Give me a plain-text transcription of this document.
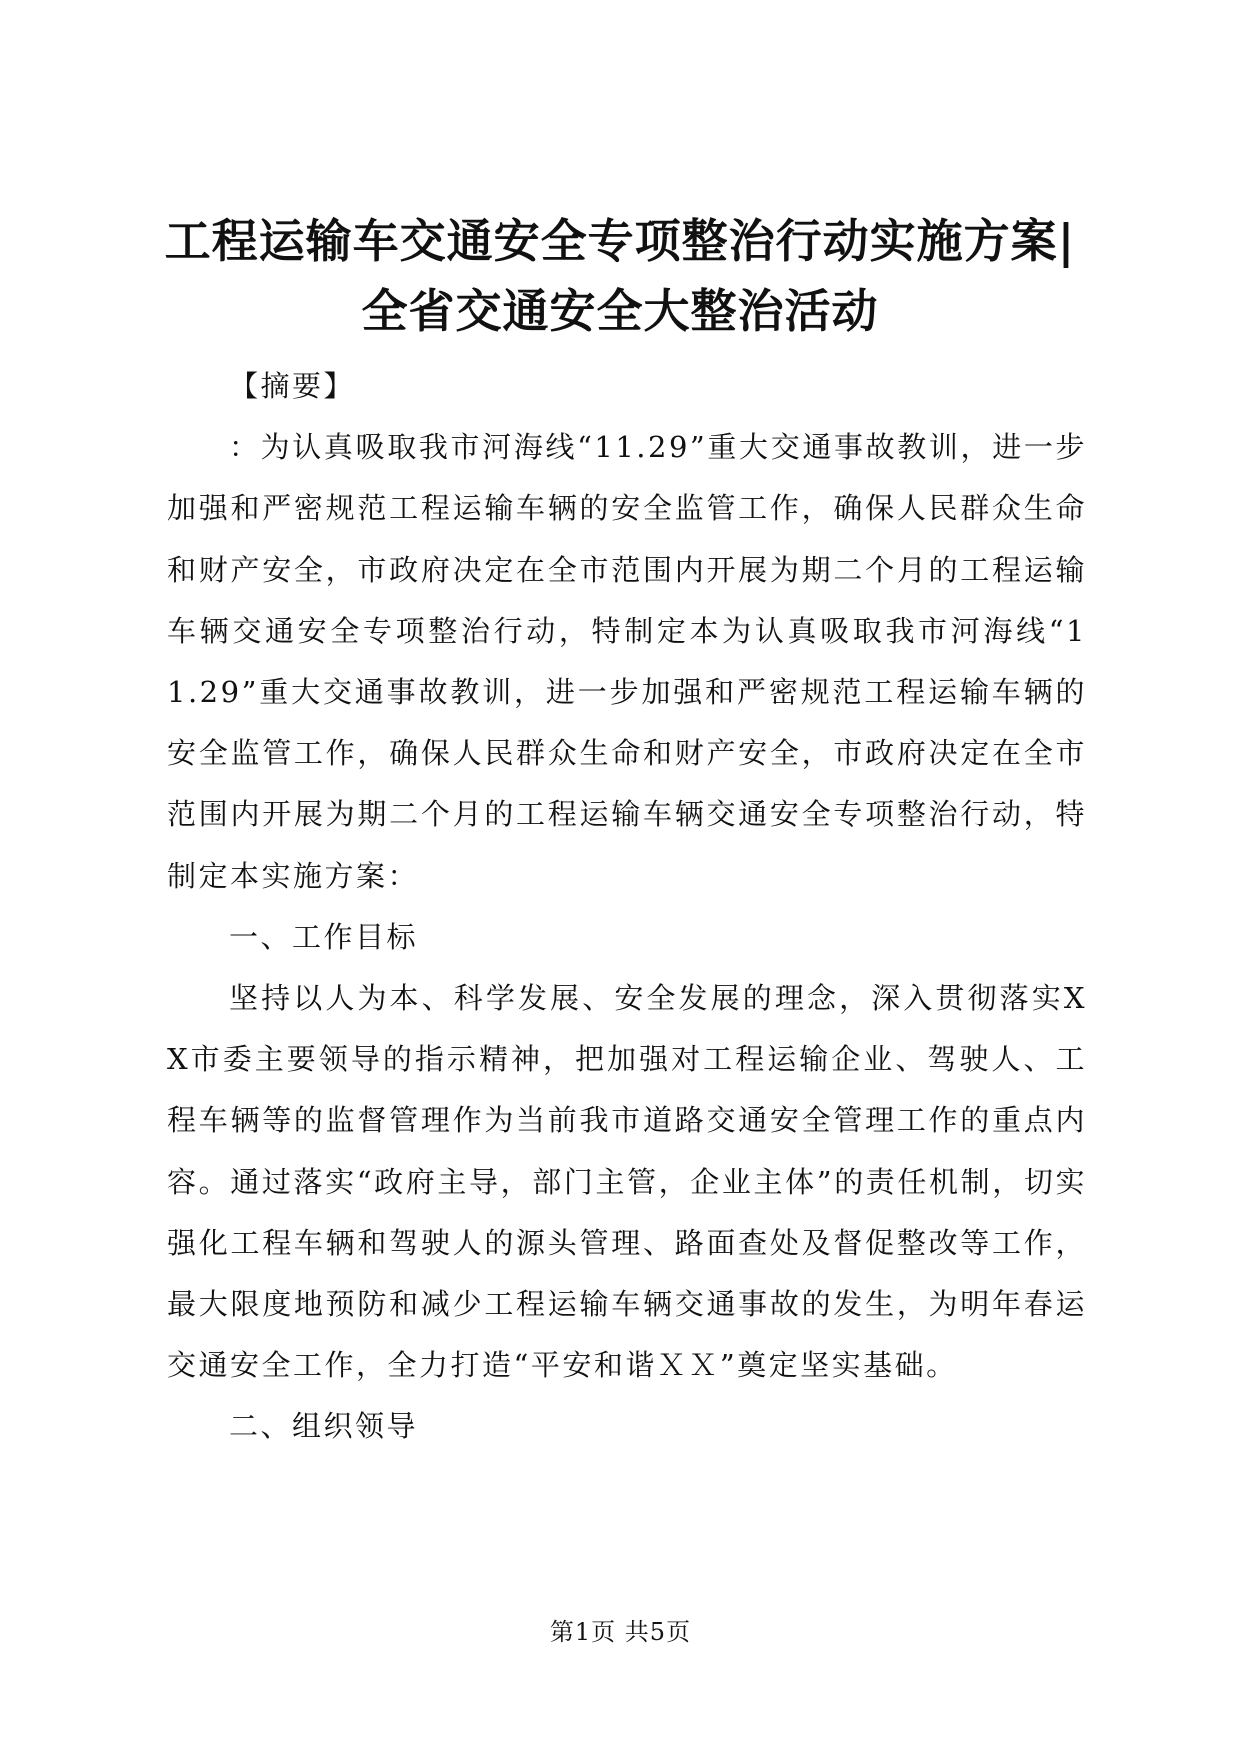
工程运输车交通安全专项整治行动实施方案|
全省交通安全大整治活动

【摘要】

：为认真吸取我市河海线“11.29”重大交通事故教训，进一步加强和严密规范工程运输车辆的安全监管工作，确保人民群众生命和财产安全，市政府决定在全市范围内开展为期二个月的工程运输车辆交通安全专项整治行动，特制定本为认真吸取我市河海线“11.29”重大交通事故教训，进一步加强和严密规范工程运输车辆的安全监管工作，确保人民群众生命和财产安全，市政府决定在全市范围内开展为期二个月的工程运输车辆交通安全专项整治行动，特制定本实施方案：

一、工作目标

坚持以人为本、科学发展、安全发展的理念，深入贯彻落实XX市委主要领导的指示精神，把加强对工程运输企业、驾驶人、工程车辆等的监督管理作为当前我市道路交通安全管理工作的重点内容。通过落实“政府主导，部门主管，企业主体”的责任机制，切实强化工程车辆和驾驶人的源头管理、路面查处及督促整改等工作，最大限度地预防和减少工程运输车辆交通事故的发生，为明年春运交通安全工作，全力打造“平安和谐ＸＸ”奠定坚实基础。

二、组织领导

第1页 共5页
